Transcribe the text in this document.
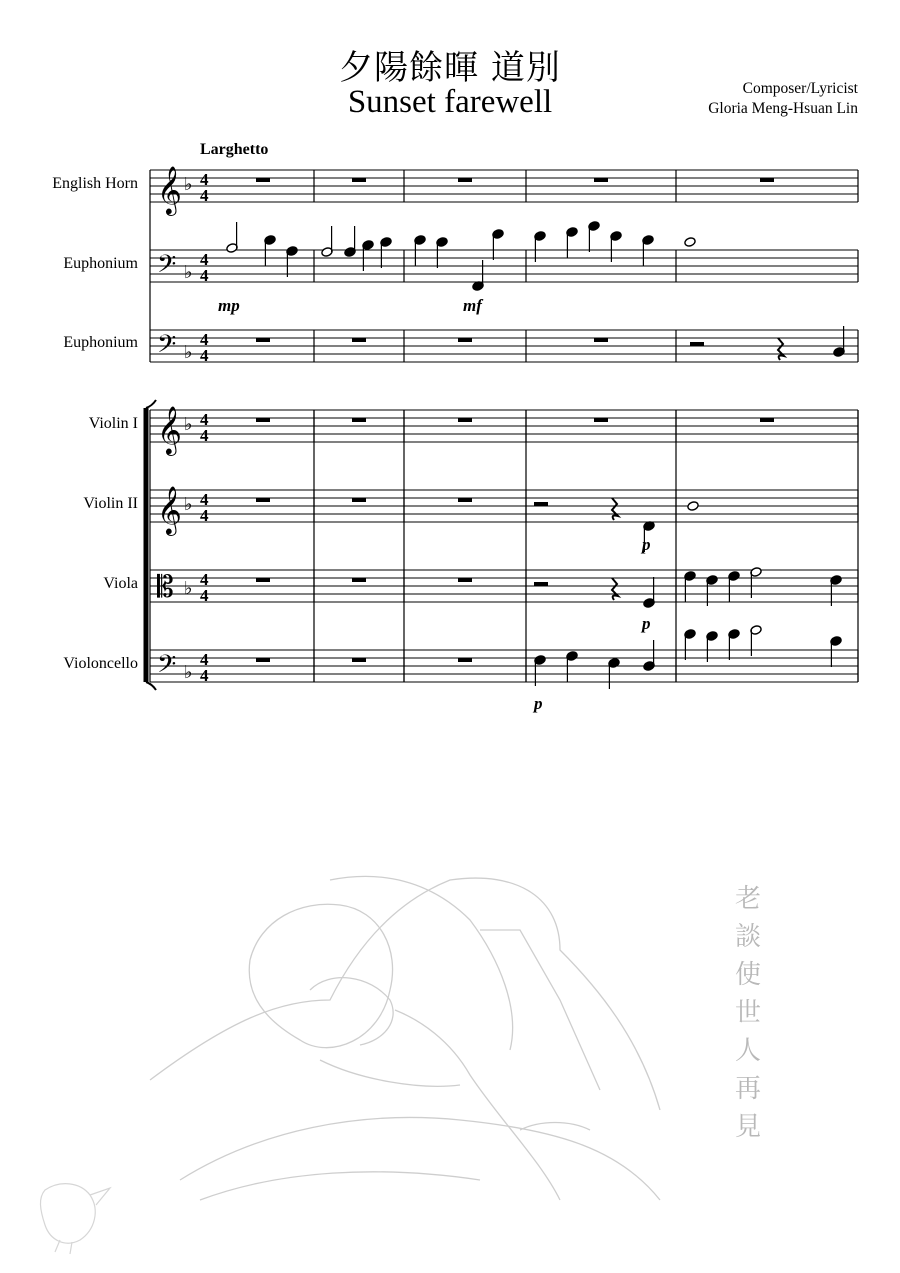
夕陽餘暉 道別
Sunset farewell	Composer/Lyricist
Gloria Meng-Hsuan Lin
Larghetto
English Horn
Euphonium
Euphonium
Violin I
Violin II
Viola
Violoncello
mp	mf
p
p
p
𝄞 ♭ 4
4
𝄢 ♭
4
4
𝄢 ♭
4
4
𝄞 ♭ 4
4
𝄞 ♭ 4
4
𝄡 ♭ 4
4
𝄢 ♭
4
4
老
談
使
世
人
再
見
